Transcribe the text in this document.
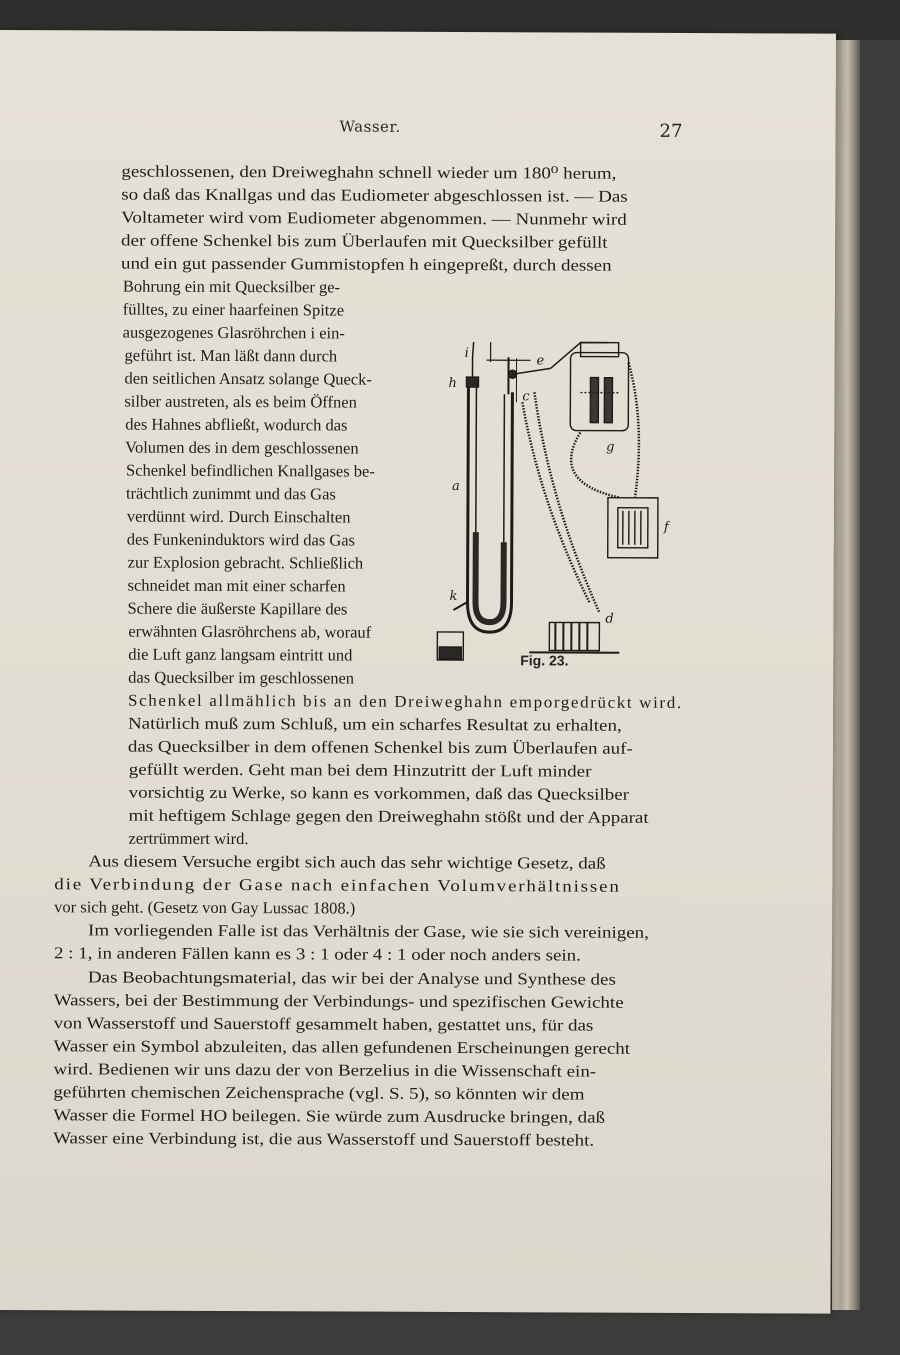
Wasser.	27
geschlossenen, den Dreiweghahn schnell wieder um 180⁰ herum,
so daß das Knallgas und das Eudiometer abgeschlossen ist. — Das
Voltameter wird vom Eudiometer abgenommen. — Nunmehr wird
der offene Schenkel bis zum Überlaufen mit Quecksilber gefüllt
und ein gut passender Gummistopfen h eingepreßt, durch dessen
Bohrung ein mit Quecksilber ge-
fülltes, zu einer haarfeinen Spitze
ausgezogenes Glasröhrchen i ein-
geführt ist. Man läßt dann durch
den seitlichen Ansatz solange Queck-
silber austreten, als es beim Öffnen
des Hahnes abfließt, wodurch das
Volumen des in dem geschlossenen
Schenkel befindlichen Knallgases be-
trächtlich zunimmt und das Gas
verdünnt wird. Durch Einschalten
des Funkeninduktors wird das Gas
zur Explosion gebracht. Schließlich
schneidet man mit einer scharfen
Schere die äußerste Kapillare des
erwähnten Glasröhrchens ab, worauf
die Luft ganz langsam eintritt und
das Quecksilber im geschlossenen
Schenkel allmählich bis an den Dreiweghahn emporgedrückt wird.
Natürlich muß zum Schluß, um ein scharfes Resultat zu erhalten,
das Quecksilber in dem offenen Schenkel bis zum Überlaufen auf-
gefüllt werden. Geht man bei dem Hinzutritt der Luft minder
vorsichtig zu Werke, so kann es vorkommen, daß das Quecksilber
mit heftigem Schlage gegen den Dreiweghahn stößt und der Apparat
zertrümmert wird.
Aus diesem Versuche ergibt sich auch das sehr wichtige Gesetz, daß
die Verbindung der Gase nach einfachen Volumverhältnissen
vor sich geht. (Gesetz von Gay Lussac 1808.)
Im vorliegenden Falle ist das Verhältnis der Gase, wie sie sich vereinigen,
2 : 1, in anderen Fällen kann es 3 : 1 oder 4 : 1 oder noch anders sein.
Das Beobachtungsmaterial, das wir bei der Analyse und Synthese des
Wassers, bei der Bestimmung der Verbindungs- und spezifischen Gewichte
von Wasserstoff und Sauerstoff gesammelt haben, gestattet uns, für das
Wasser ein Symbol abzuleiten, das allen gefundenen Erscheinungen gerecht
wird. Bedienen wir uns dazu der von Berzelius in die Wissenschaft ein-
geführten chemischen Zeichensprache (vgl. S. 5), so könnten wir dem
Wasser die Formel HO beilegen. Sie würde zum Ausdrucke bringen, daß
Wasser eine Verbindung ist, die aus Wasserstoff und Sauerstoff besteht.
i
h
e
c
g
a
f
k
d
Fig. 23.
